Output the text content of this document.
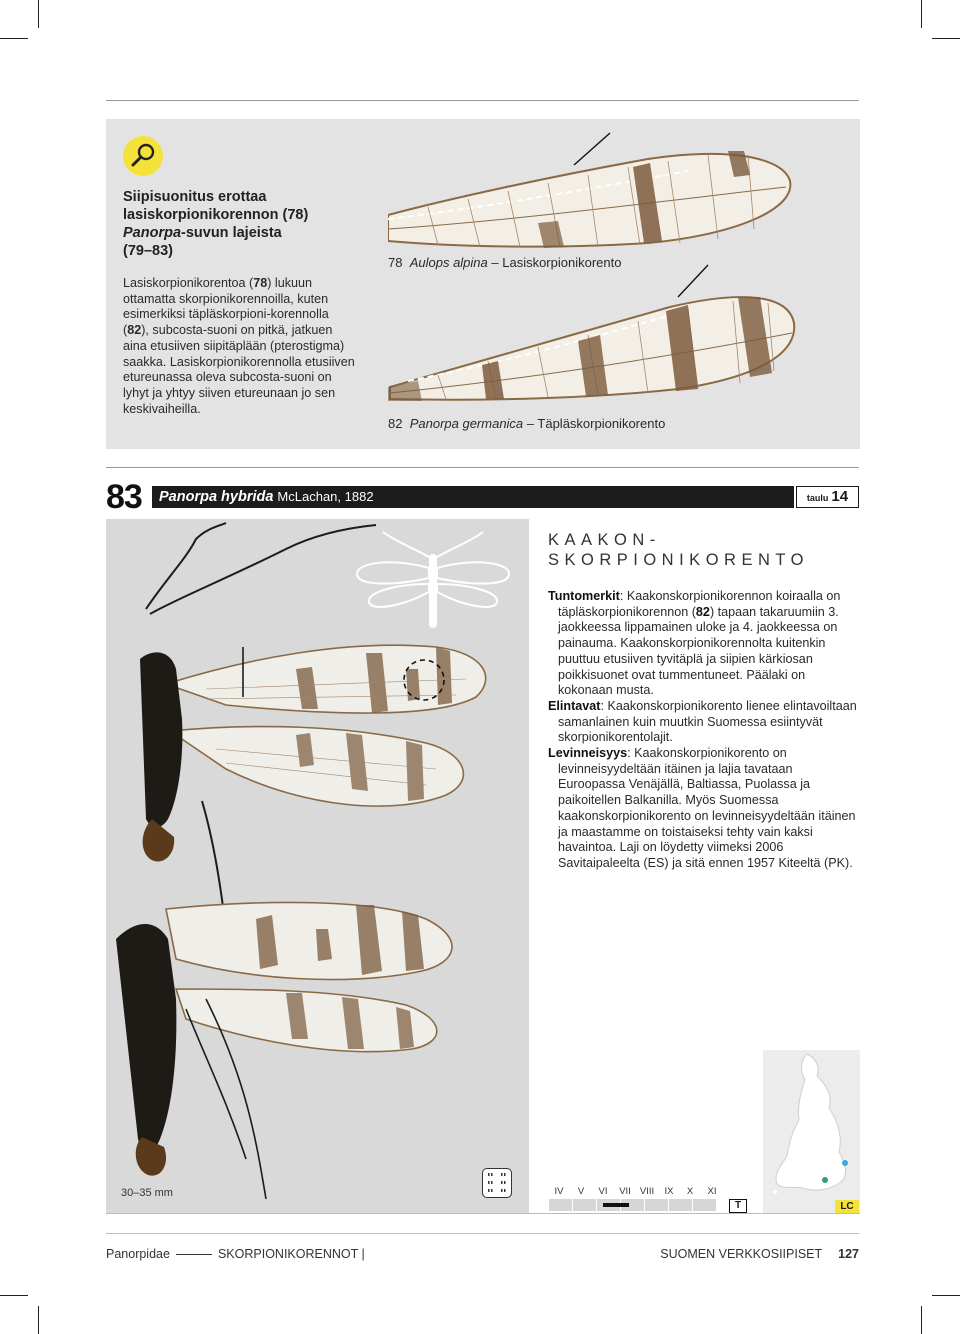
Siipisuonitus erottaa
lasiskorpionikorennon (78)
Panorpa-suvun lajeista
(79–83)
Lasiskorpionikorentoa (78) lukuun ottamatta skorpionikorennoilla, kuten esimerkiksi täpläskorpioni-korennolla (82), subcosta-suoni on pitkä, jatkuen aina etusiiven siipitäplään (pterostigma) saakka. Lasiskorpionikorennolla etusiiven etureunassa oleva subcosta-suoni on lyhyt ja yhtyy siiven etureunaan jo sen keskivaiheilla.
78 Aulops alpina – Lasiskorpionikorento
82 Panorpa germanica – Täpläskorpionikorento
83	Panorpa hybrida McLachan, 1882	taulu 14
KAAKON-
SKORPIONIKORENTO

Tuntomerkit: Kaakonskorpionikorennon koiraalla on täpläskorpionikorennon (82) tapaan takaruumiin 3. jaokkeessa lippamainen uloke ja 4. jaokkeessa on painauma. Kaakonskorpionikorennolta kuitenkin puuttuu etusiiven tyvitäplä ja siipien kärkiosan poikkisuonet ovat tummentuneet. Päälaki on kokonaan musta.

Elintavat: Kaakonskorpionikorento lienee elintavoiltaan samanlainen kuin muutkin Suomessa esiintyvät skorpionikorentolajit.

Levinneisyys: Kaakonskorpionikorento on levinneisyydeltään itäinen ja lajia tavataan Euroopassa Venäjällä, Baltiassa, Puolassa ja paikoitellen Balkanilla. Myös Suomessa kaakonskorpionikorento on levinneisyydeltään itäinen ja maastamme on toistaiseksi tehty vain kaksi havaintoa. Laji on löydetty viimeksi 2006 Savitaipaleelta (ES) ja sitä ennen 1957 Kiteeltä (PK).

30–35 mm	IV	V	VI	VII VIII	IX	X	XI
T	LC
Panorpidae	SKORPIONIKORENNOT |	SUOMEN VERKKOSIIPISET 127
